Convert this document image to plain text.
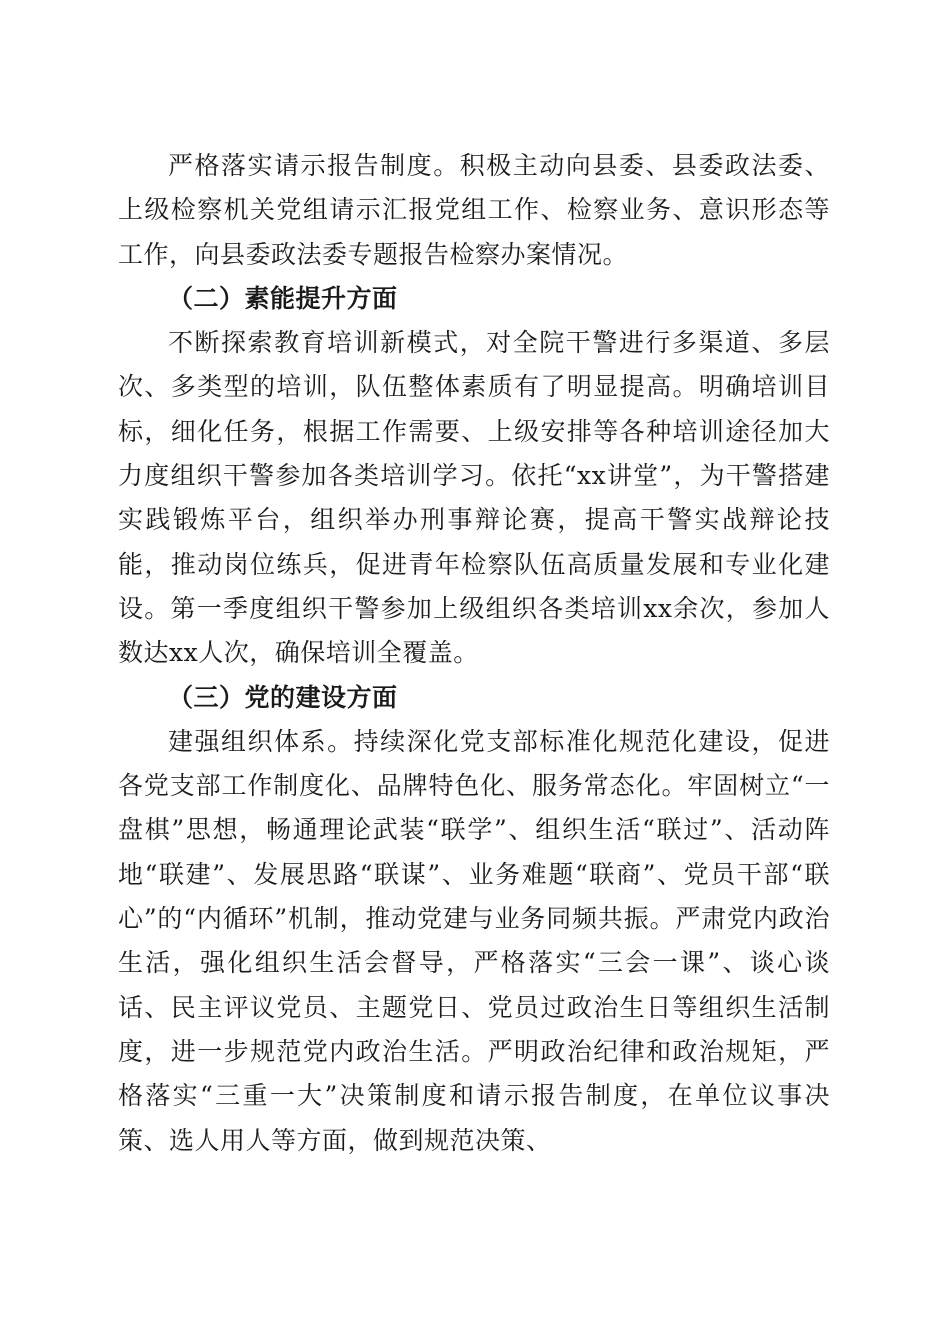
严格落实请示报告制度。积极主动向县委、县委政法委、上级检察机关党组请示汇报党组工作、检察业务、意识形态等工作，向县委政法委专题报告检察办案情况。

（二）素能提升方面

不断探索教育培训新模式，对全院干警进行多渠道、多层次、多类型的培训，队伍整体素质有了明显提高。明确培训目标，细化任务，根据工作需要、上级安排等各种培训途径加大力度组织干警参加各类培训学习。依托“xx讲堂”，为干警搭建实践锻炼平台，组织举办刑事辩论赛，提高干警实战辩论技能，推动岗位练兵，促进青年检察队伍高质量发展和专业化建设。第一季度组织干警参加上级组织各类培训xx余次，参加人数达xx人次，确保培训全覆盖。

（三）党的建设方面

建强组织体系。持续深化党支部标准化规范化建设，促进各党支部工作制度化、品牌特色化、服务常态化。牢固树立“一盘棋”思想，畅通理论武装“联学”、组织生活“联过”、活动阵地“联建”、发展思路“联谋”、业务难题“联商”、党员干部“联心”的“内循环”机制，推动党建与业务同频共振。严肃党内政治生活，强化组织生活会督导，严格落实“三会一课”、谈心谈话、民主评议党员、主题党日、党员过政治生日等组织生活制度，进一步规范党内政治生活。严明政治纪律和政治规矩，严格落实“三重一大”决策制度和请示报告制度，在单位议事决策、选人用人等方面，做到规范决策、
